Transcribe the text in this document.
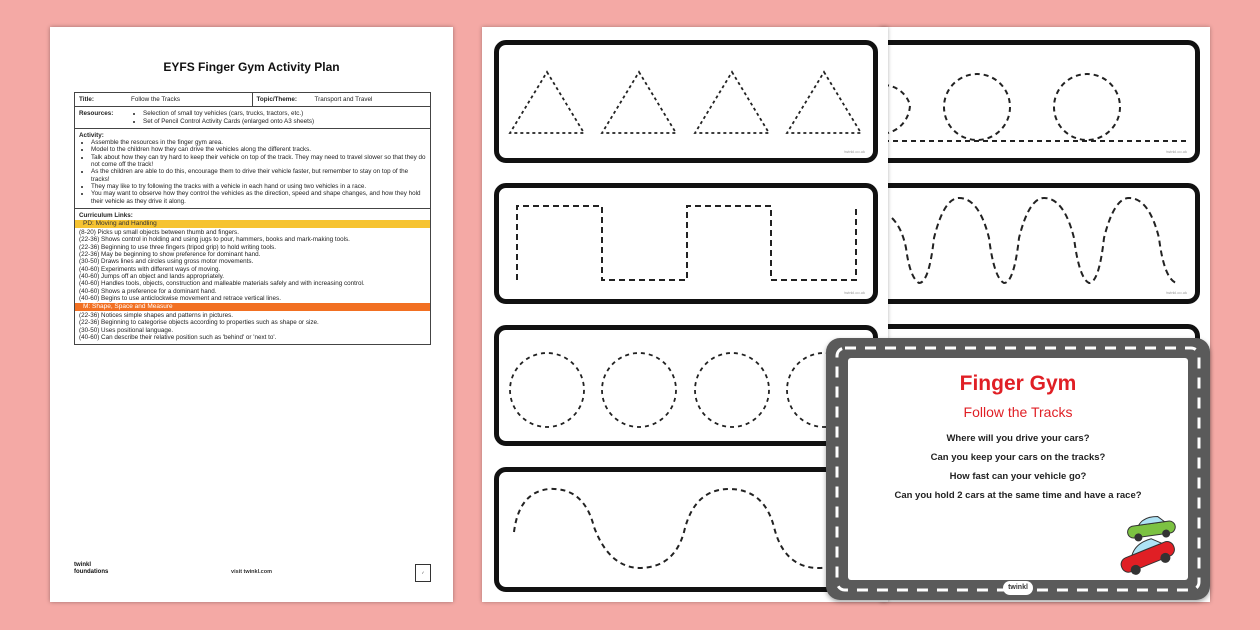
EYFS Finger Gym Activity Plan
Title:	Follow the Tracks	Topic/Theme:	Transport and Travel
Resources:
•	Selection of small toy vehicles (cars, trucks, tractors, etc.)
• Set of Pencil Control Activity Cards (enlarged onto A3 sheets)
Activity:
• Assemble the resources in the finger gym area.
• Model to the children how they can drive the vehicles along the different tracks.
• Talk about how they can try hard to keep their vehicle on top of the track. They may need to travel slower so that they do not come off the track!
• As the children are able to do this, encourage them to drive their vehicle faster, but remember to stay on top of the tracks!
• They may like to try following the tracks with a vehicle in each hand or using two vehicles in a race.
• You may want to observe how they control the vehicles as the direction, speed and shape changes, and how they hold their vehicle as they drive it along.
Curriculum Links:
PD: Moving and Handling
(8-20) Picks up small objects between thumb and fingers.
(22-36) Shows control in holding and using jugs to pour, hammers, books and mark-making tools.
(22-36) Beginning to use three fingers (tripod grip) to hold writing tools.
(22-36) May be beginning to show preference for dominant hand.
(30-50) Draws lines and circles using gross motor movements.
(40-60) Experiments with different ways of moving.
(40-60) Jumps off an object and lands appropriately.
(40-60) Handles tools, objects, construction and malleable materials safely and with increasing control.
(40-60) Shows a preference for a dominant hand.
(40-60) Begins to use anticlockwise movement and retrace vertical lines.
M: Shape, Space and Measure
(22-36) Notices simple shapes and patterns in pictures.
(22-36) Beginning to categorise objects according to properties such as shape or size.
(30-50) Uses positional language.
(40-60) Can describe their relative position such as 'behind' or 'next to'.
twinkl foundations	visit twinkl.com	✓
twinkl.co.uk
twinkl.co.uk
twinkl.co.uk
twinkl.co.uk
Finger Gym
Follow the Tracks
Where will you drive your cars?
Can you keep your cars on the tracks?
How fast can your vehicle go?
Can you hold 2 cars at the same time and have a race?
twinkl
